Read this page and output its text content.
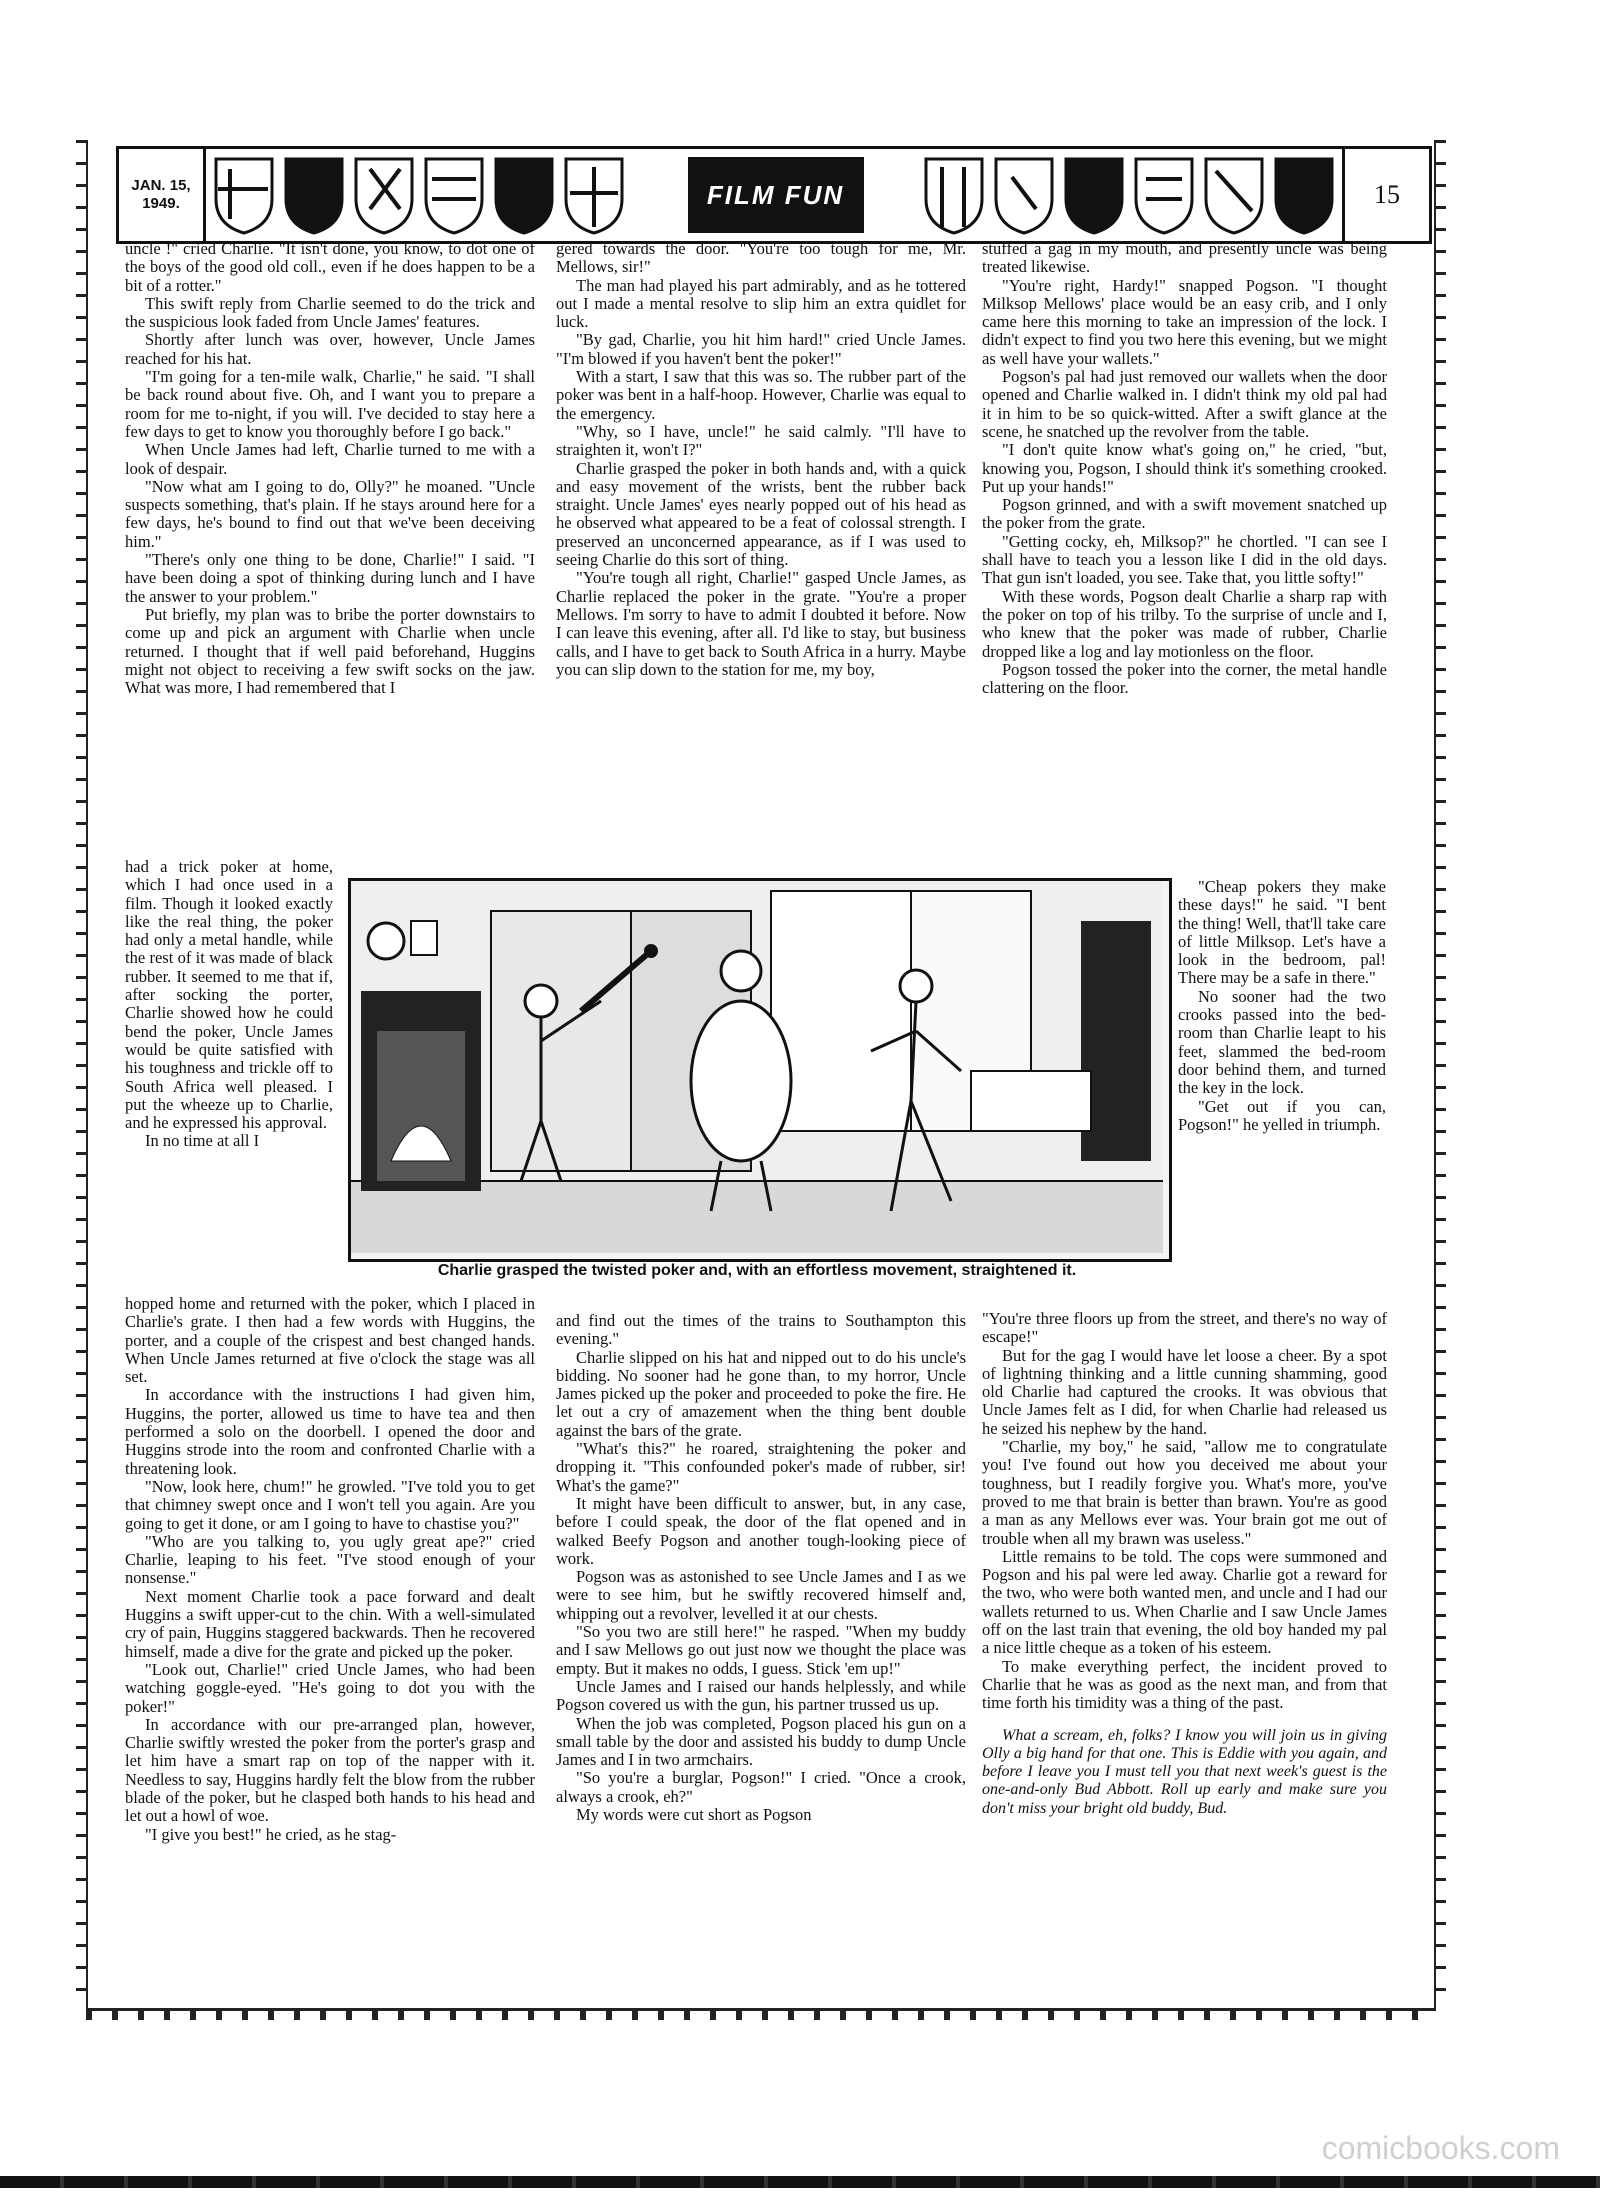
JAN. 15,
1949.	FILM FUN	15

uncle !" cried Charlie. "It isn't done, you know, to dot one of the boys of the good old coll., even if he does happen to be a bit of a rotter."

This swift reply from Charlie seemed to do the trick and the suspicious look faded from Uncle James' features.

Shortly after lunch was over, however, Uncle James reached for his hat.

"I'm going for a ten-mile walk, Charlie," he said. "I shall be back round about five. Oh, and I want you to prepare a room for me to-night, if you will. I've decided to stay here a few days to get to know you thoroughly before I go back."

When Uncle James had left, Charlie turned to me with a look of despair.

"Now what am I going to do, Olly?" he moaned. "Uncle suspects something, that's plain. If he stays around here for a few days, he's bound to find out that we've been deceiving him."

"There's only one thing to be done, Charlie!" I said. "I have been doing a spot of thinking during lunch and I have the answer to your problem."

Put briefly, my plan was to bribe the porter downstairs to come up and pick an argument with Charlie when uncle returned. I thought that if well paid beforehand, Huggins might not object to receiving a few swift socks on the jaw. What was more, I had remembered that I

had a trick poker at home, which I had once used in a film. Though it looked exactly like the real thing, the poker had only a metal handle, while the rest of it was made of black rubber. It seemed to me that if, after socking the porter, Charlie showed how he could bend the poker, Uncle James would be quite satisfied with his toughness and trickle off to South Africa well pleased. I put the wheeze up to Charlie, and he expressed his approval.

In no time at all I

hopped home and returned with the poker, which I placed in Charlie's grate. I then had a few words with Huggins, the porter, and a couple of the crispest and best changed hands. When Uncle James returned at five o'clock the stage was all set.

In accordance with the instructions I had given him, Huggins, the porter, allowed us time to have tea and then performed a solo on the doorbell. I opened the door and Huggins strode into the room and confronted Charlie with a threatening look.

"Now, look here, chum!" he growled. "I've told you to get that chimney swept once and I won't tell you again. Are you going to get it done, or am I going to have to chastise you?"

"Who are you talking to, you ugly great ape?" cried Charlie, leaping to his feet. "I've stood enough of your nonsense."

Next moment Charlie took a pace forward and dealt Huggins a swift upper-cut to the chin. With a well-simulated cry of pain, Huggins staggered backwards. Then he recovered himself, made a dive for the grate and picked up the poker.

"Look out, Charlie!" cried Uncle James, who had been watching goggle-eyed. "He's going to dot you with the poker!"

In accordance with our pre-arranged plan, however, Charlie swiftly wrested the poker from the porter's grasp and let him have a smart rap on top of the napper with it. Needless to say, Huggins hardly felt the blow from the rubber blade of the poker, but he clasped both hands to his head and let out a howl of woe.

"I give you best!" he cried, as he stag-

gered towards the door. "You're too tough for me, Mr. Mellows, sir!"

The man had played his part admirably, and as he tottered out I made a mental resolve to slip him an extra quidlet for luck.

"By gad, Charlie, you hit him hard!" cried Uncle James. "I'm blowed if you haven't bent the poker!"

With a start, I saw that this was so. The rubber part of the poker was bent in a half-hoop. However, Charlie was equal to the emergency.

"Why, so I have, uncle!" he said calmly. "I'll have to straighten it, won't I?"

Charlie grasped the poker in both hands and, with a quick and easy movement of the wrists, bent the rubber back straight. Uncle James' eyes nearly popped out of his head as he observed what appeared to be a feat of colossal strength. I preserved an unconcerned appearance, as if I was used to seeing Charlie do this sort of thing.

"You're tough all right, Charlie!" gasped Uncle James, as Charlie replaced the poker in the grate. "You're a proper Mellows. I'm sorry to have to admit I doubted it before. Now I can leave this evening, after all. I'd like to stay, but business calls, and I have to get back to South Africa in a hurry. Maybe you can slip down to the station for me, my boy,

Charlie grasped the twisted poker and, with an effortless movement, straightened it.

and find out the times of the trains to Southampton this evening."

Charlie slipped on his hat and nipped out to do his uncle's bidding. No sooner had he gone than, to my horror, Uncle James picked up the poker and proceeded to poke the fire. He let out a cry of amazement when the thing bent double against the bars of the grate.

"What's this?" he roared, straightening the poker and dropping it. "This confounded poker's made of rubber, sir! What's the game?"

It might have been difficult to answer, but, in any case, before I could speak, the door of the flat opened and in walked Beefy Pogson and another tough-looking piece of work.

Pogson was as astonished to see Uncle James and I as we were to see him, but he swiftly recovered himself and, whipping out a revolver, levelled it at our chests.

"So you two are still here!" he rasped. "When my buddy and I saw Mellows go out just now we thought the place was empty. But it makes no odds, I guess. Stick 'em up!"

Uncle James and I raised our hands helplessly, and while Pogson covered us with the gun, his partner trussed us up.

When the job was completed, Pogson placed his gun on a small table by the door and assisted his buddy to dump Uncle James and I in two armchairs.

"So you're a burglar, Pogson!" I cried. "Once a crook, always a crook, eh?"

My words were cut short as Pogson

stuffed a gag in my mouth, and presently uncle was being treated likewise.

"You're right, Hardy!" snapped Pogson. "I thought Milksop Mellows' place would be an easy crib, and I only came here this morning to take an impression of the lock. I didn't expect to find you two here this evening, but we might as well have your wallets."

Pogson's pal had just removed our wallets when the door opened and Charlie walked in. I didn't think my old pal had it in him to be so quick-witted. After a swift glance at the scene, he snatched up the revolver from the table.

"I don't quite know what's going on," he cried, "but, knowing you, Pogson, I should think it's something crooked. Put up your hands!"

Pogson grinned, and with a swift movement snatched up the poker from the grate.

"Getting cocky, eh, Milksop?" he chortled. "I can see I shall have to teach you a lesson like I did in the old days. That gun isn't loaded, you see. Take that, you little softy!"

With these words, Pogson dealt Charlie a sharp rap with the poker on top of his trilby. To the surprise of uncle and I, who knew that the poker was made of rubber, Charlie dropped like a log and lay motionless on the floor.

Pogson tossed the poker into the corner, the metal handle clattering on the floor.

"Cheap pokers they make these days!" he said. "I bent the thing! Well, that'll take care of little Milksop. Let's have a look in the bedroom, pal! There may be a safe in there."

No sooner had the two crooks passed into the bed-room than Charlie leapt to his feet, slammed the bed-room door behind them, and turned the key in the lock.

"Get out if you can, Pogson!" he yelled in triumph.

"You're three floors up from the street, and there's no way of escape!"

But for the gag I would have let loose a cheer. By a spot of lightning thinking and a little cunning shamming, good old Charlie had captured the crooks. It was obvious that Uncle James felt as I did, for when Charlie had released us he seized his nephew by the hand.

"Charlie, my boy," he said, "allow me to congratulate you! I've found out how you deceived me about your toughness, but I readily forgive you. What's more, you've proved to me that brain is better than brawn. You're as good a man as any Mellows ever was. Your brain got me out of trouble when all my brawn was useless."

Little remains to be told. The cops were summoned and Pogson and his pal were led away. Charlie got a reward for the two, who were both wanted men, and uncle and I had our wallets returned to us. When Charlie and I saw Uncle James off on the last train that evening, the old boy handed my pal a nice little cheque as a token of his esteem.

To make everything perfect, the incident proved to Charlie that he was as good as the next man, and from that time forth his timidity was a thing of the past.

What a scream, eh, folks? I know you will join us in giving Olly a big hand for that one. This is Eddie with you again, and before I leave you I must tell you that next week's guest is the one-and-only Bud Abbott. Roll up early and make sure you don't miss your bright old buddy, Bud.

comicbooks.com
